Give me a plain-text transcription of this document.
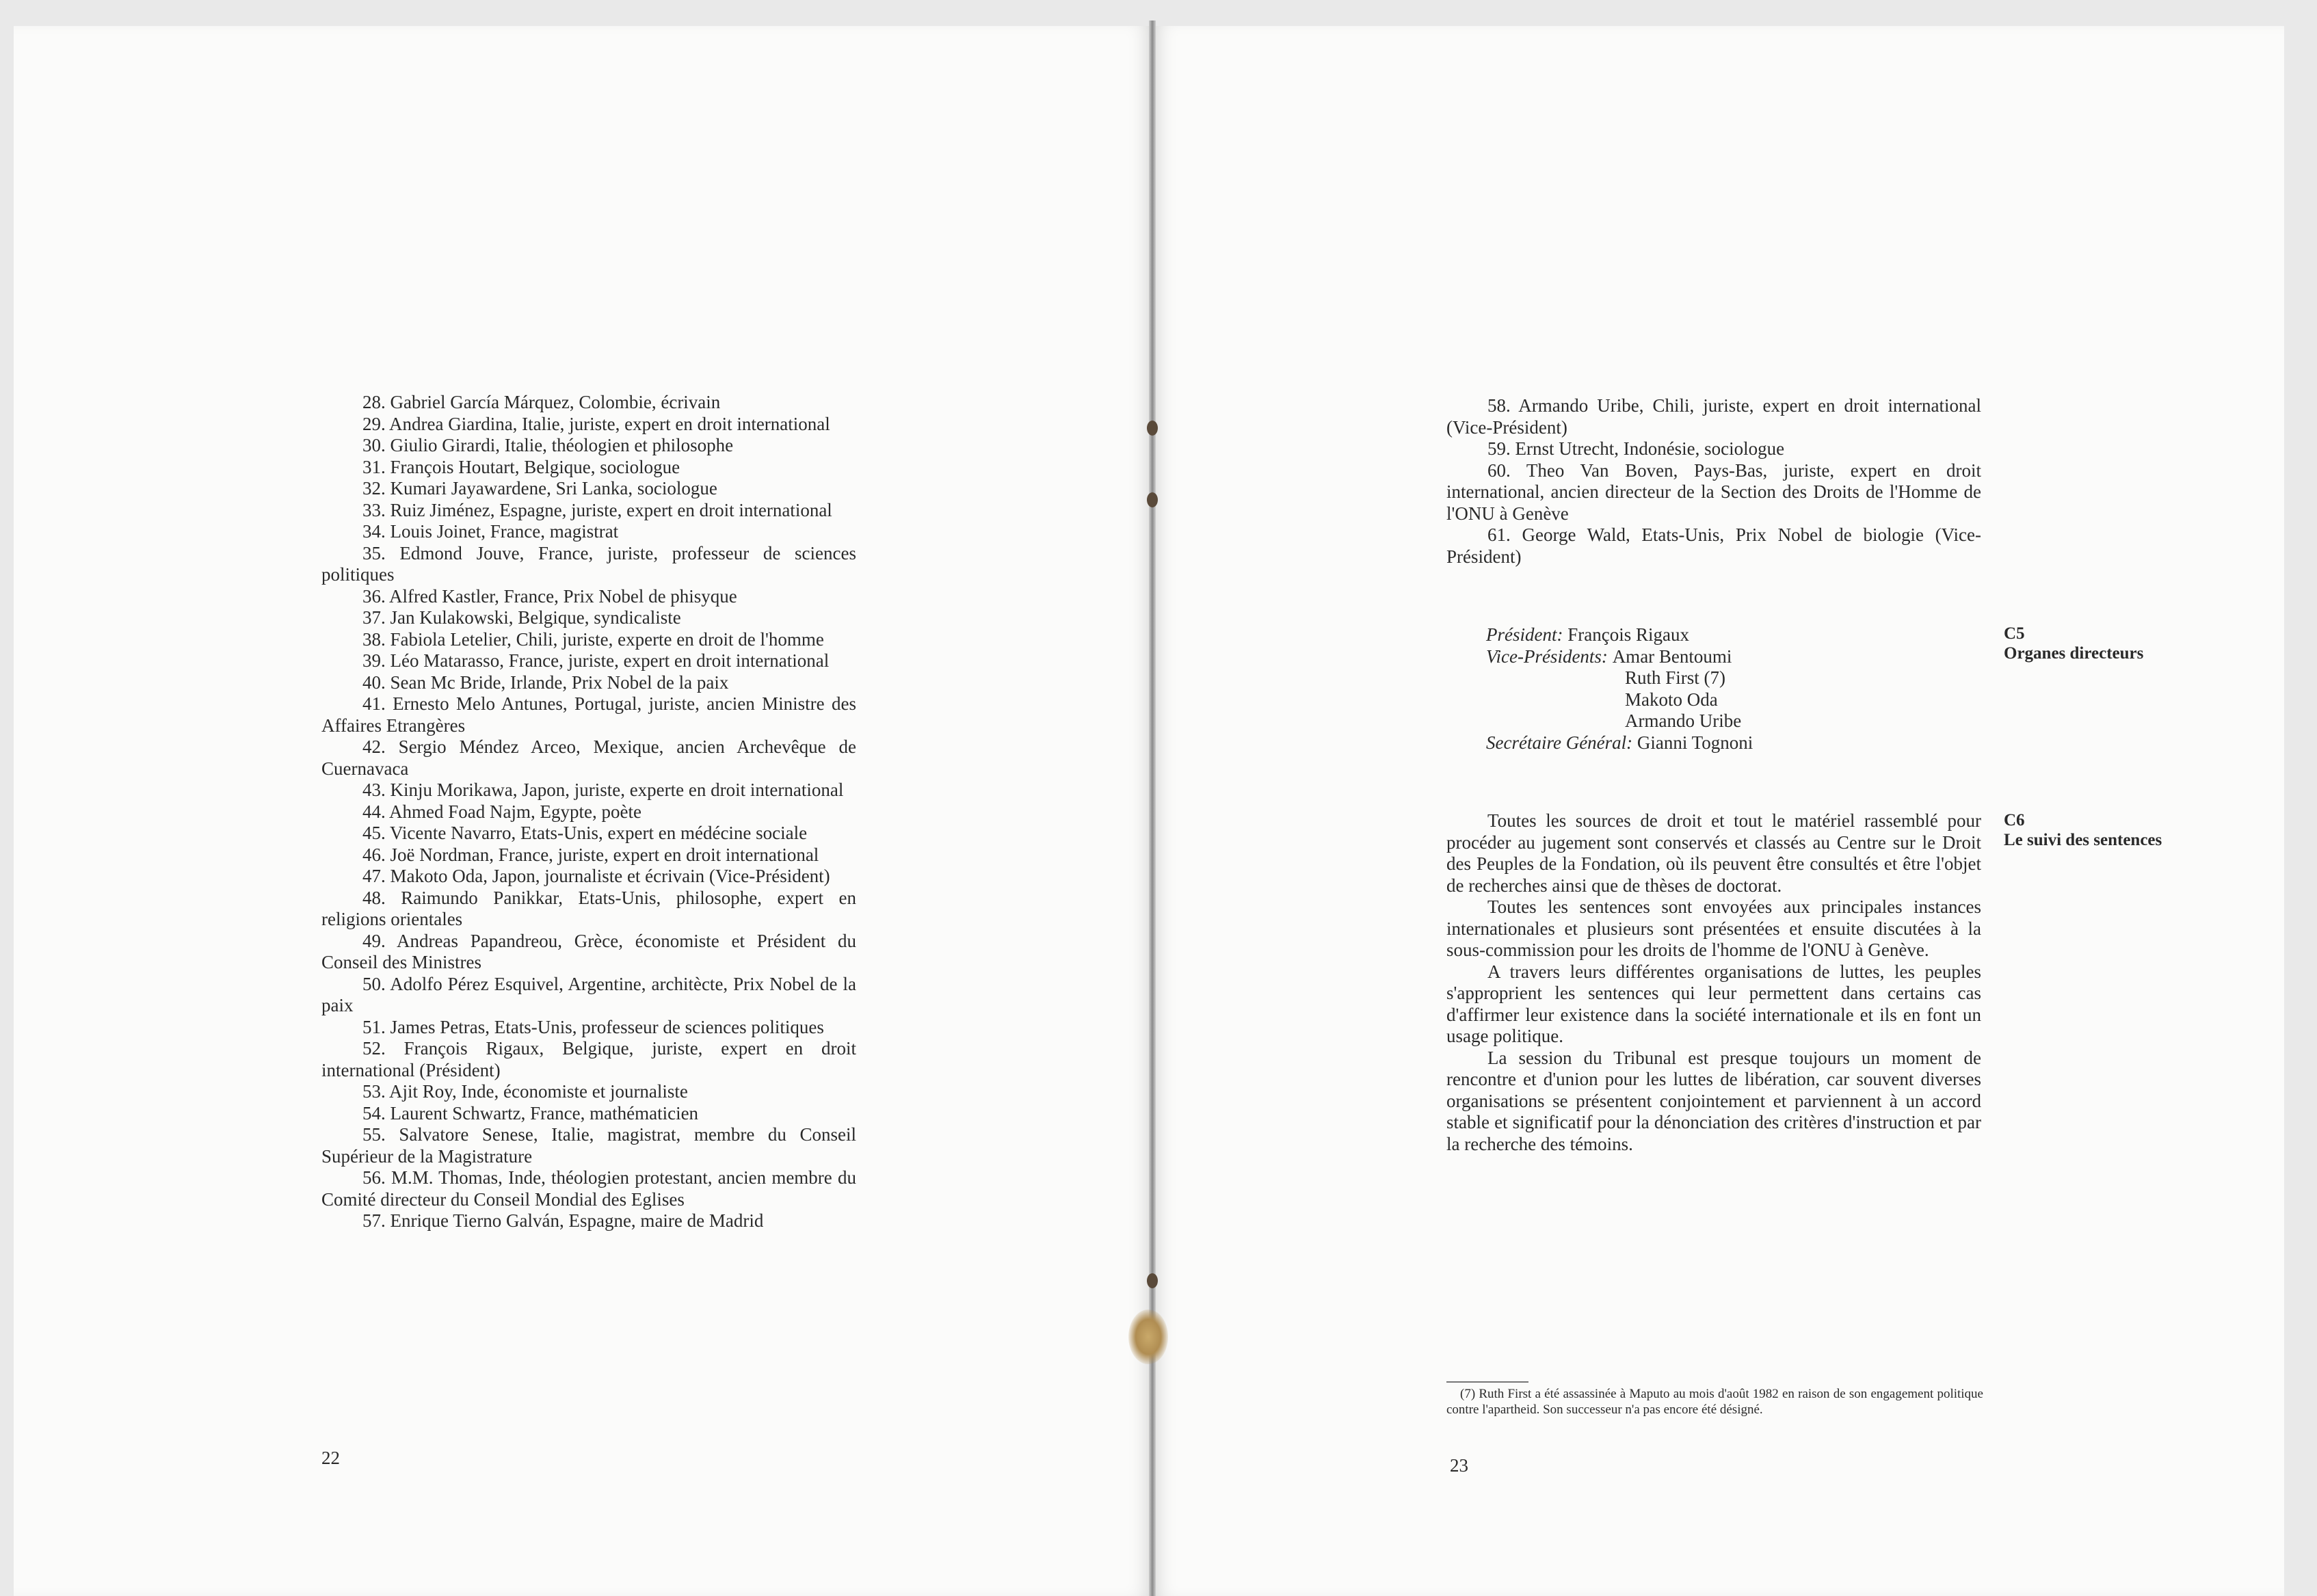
28. Gabriel García Márquez, Colombie, écrivain
29. Andrea Giardina, Italie, juriste, expert en droit international
30. Giulio Girardi, Italie, théologien et philosophe
31. François Houtart, Belgique, sociologue
32. Kumari Jayawardene, Sri Lanka, sociologue
33. Ruiz Jiménez, Espagne, juriste, expert en droit international
34. Louis Joinet, France, magistrat
35. Edmond Jouve, France, juriste, professeur de sciences politiques
36. Alfred Kastler, France, Prix Nobel de phisyque
37. Jan Kulakowski, Belgique, syndicaliste
38. Fabiola Letelier, Chili, juriste, experte en droit de l'homme
39. Léo Matarasso, France, juriste, expert en droit international
40. Sean Mc Bride, Irlande, Prix Nobel de la paix
41. Ernesto Melo Antunes, Portugal, juriste, ancien Ministre des Affaires Etrangères
42. Sergio Méndez Arceo, Mexique, ancien Archevêque de Cuernavaca
43. Kinju Morikawa, Japon, juriste, experte en droit international
44. Ahmed Foad Najm, Egypte, poète
45. Vicente Navarro, Etats-Unis, expert en médécine sociale
46. Joë Nordman, France, juriste, expert en droit international
47. Makoto Oda, Japon, journaliste et écrivain (Vice-Président)
48. Raimundo Panikkar, Etats-Unis, philosophe, expert en religions orientales
49. Andreas Papandreou, Grèce, économiste et Président du Conseil des Ministres
50. Adolfo Pérez Esquivel, Argentine, architècte, Prix Nobel de la paix
51. James Petras, Etats-Unis, professeur de sciences politiques
52. François Rigaux, Belgique, juriste, expert en droit international (Président)
53. Ajit Roy, Inde, économiste et journaliste
54. Laurent Schwartz, France, mathématicien
55. Salvatore Senese, Italie, magistrat, membre du Conseil Supérieur de la Magistrature
56. M.M. Thomas, Inde, théologien protestant, ancien membre du Comité directeur du Conseil Mondial des Eglises
57. Enrique Tierno Galván, Espagne, maire de Madrid
22
58. Armando Uribe, Chili, juriste, expert en droit international (Vice-Président)
59. Ernst Utrecht, Indonésie, sociologue
60. Theo Van Boven, Pays-Bas, juriste, expert en droit international, ancien directeur de la Section des Droits de l'Homme de l'ONU à Genève
61. George Wald, Etats-Unis, Prix Nobel de biologie (Vice-Président)
Président:
François Rigaux
Vice-Présidents:
Amar Bentoumi
Ruth First (7)
Makoto Oda
Armando Uribe
Secrétaire Général:
Gianni Tognoni
C5
Organes directeurs
C6
Le suivi des sentences

Toutes les sources de droit et tout le matériel rassemblé pour procéder au jugement sont conservés et classés au Centre sur le Droit des Peuples de la Fondation, où ils peuvent être consultés et être l'objet de recherches ainsi que de thèses de doctorat.

Toutes les sentences sont envoyées aux principales instances internationales et plusieurs sont présentées et ensuite discutées à la sous-commission pour les droits de l'homme de l'ONU à Genève.

A travers leurs différentes organisations de luttes, les peuples s'approprient les sentences qui leur permettent dans certains cas d'affirmer leur existence dans la société internationale et ils en font un usage politique.

La session du Tribunal est presque toujours un moment de rencontre et d'union pour les luttes de libération, car souvent diverses organisations se présentent conjointement et parviennent à un accord stable et significatif pour la dénonciation des critères d'instruction et par la recherche des témoins.

(7) Ruth First a été assassinée à Maputo au mois d'août 1982 en raison de son engagement politique contre l'apartheid. Son successeur n'a pas encore été désigné.
23
